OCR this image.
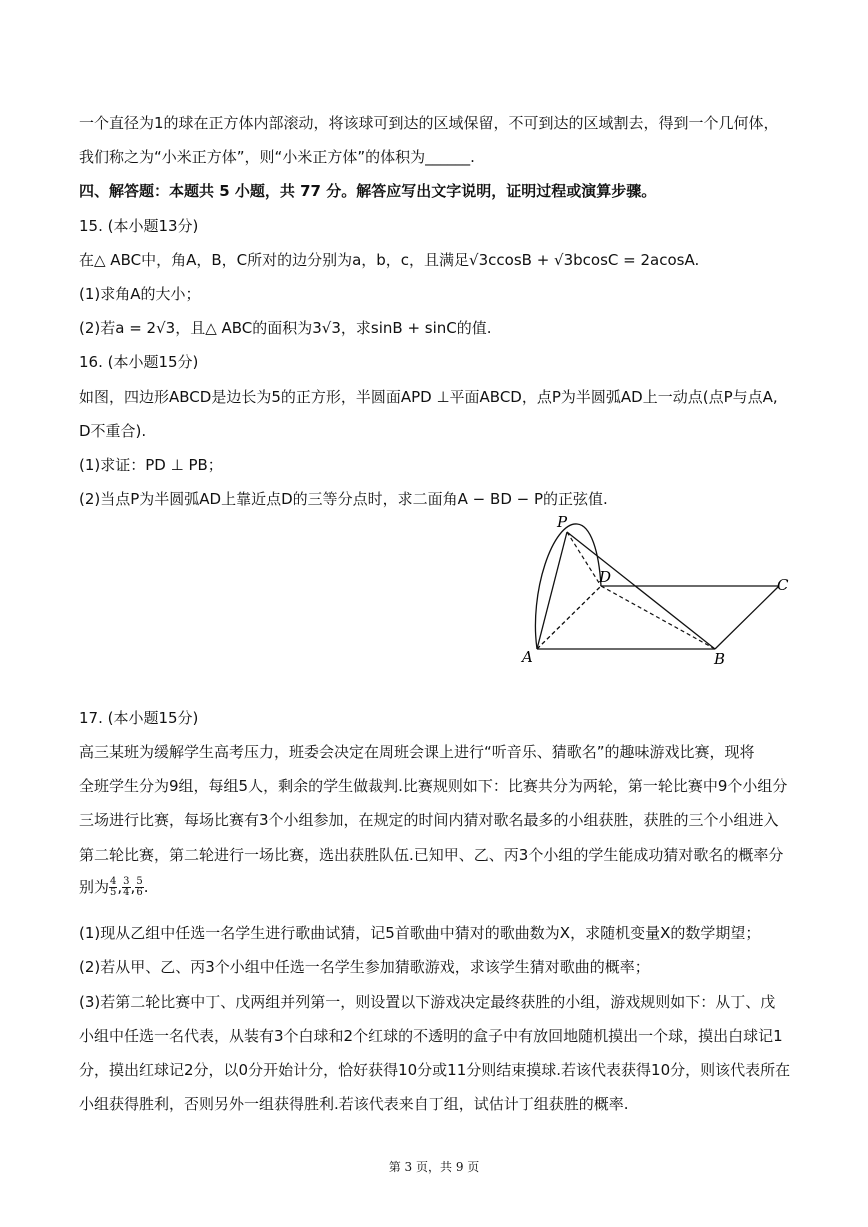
一个直径为1的球在正方体内部滚动，将该球可到达的区域保留，不可到达的区域割去，得到一个几何体，
我们称之为“小米正方体”，则“小米正方体”的体积为______.
四、解答题：本题共 5 小题，共 77 分。解答应写出文字说明，证明过程或演算步骤。
15. (本小题13分)
在△ ABC中，角A，B，C所对的边分别为a，b，c，且满足√3ccosB + √3bcosC = 2acosA.
(1)求角A的大小；
(2)若a = 2√3，且△ ABC的面积为3√3，求sinB + sinC的值.
16. (本小题15分)
如图，四边形ABCD是边长为5的正方形，半圆面APD ⊥平面ABCD，点P为半圆弧AD上一动点(点P与点A,
D不重合).
(1)求证：PD ⊥ PB；
(2)当点P为半圆弧AD上靠近点D的三等分点时，求二面角A − BD − P的正弦值.
P
D	C
A	B
17. (本小题15分)
高三某班为缓解学生高考压力，班委会决定在周班会课上进行“听音乐、猜歌名”的趣味游戏比赛，现将
全班学生分为9组，每组5人，剩余的学生做裁判.比赛规则如下：比赛共分为两轮，第一轮比赛中9个小组分
三场进行比赛，每场比赛有3个小组参加，在规定的时间内猜对歌名最多的小组获胜，获胜的三个小组进入
第二轮比赛，第二轮进行一场比赛，选出获胜队伍.已知甲、乙、丙3个小组的学生能成功猜对歌名的概率分
别为 $\frac{4}{5}$ , $\frac{3}{4}$ , $\frac{5}{6}$ .
(1)现从乙组中任选一名学生进行歌曲试猜，记5首歌曲中猜对的歌曲数为X，求随机变量X的数学期望；
(2)若从甲、乙、丙3个小组中任选一名学生参加猜歌游戏，求该学生猜对歌曲的概率；
(3)若第二轮比赛中丁、戊两组并列第一，则设置以下游戏决定最终获胜的小组，游戏规则如下：从丁、戊
小组中任选一名代表，从装有3个白球和2个红球的不透明的盒子中有放回地随机摸出一个球，摸出白球记1
分，摸出红球记2分，以0分开始计分，恰好获得10分或11分则结束摸球.若该代表获得10分，则该代表所在
小组获得胜利，否则另外一组获得胜利.若该代表来自丁组，试估计丁组获胜的概率.
第 3 页，共 9 页
